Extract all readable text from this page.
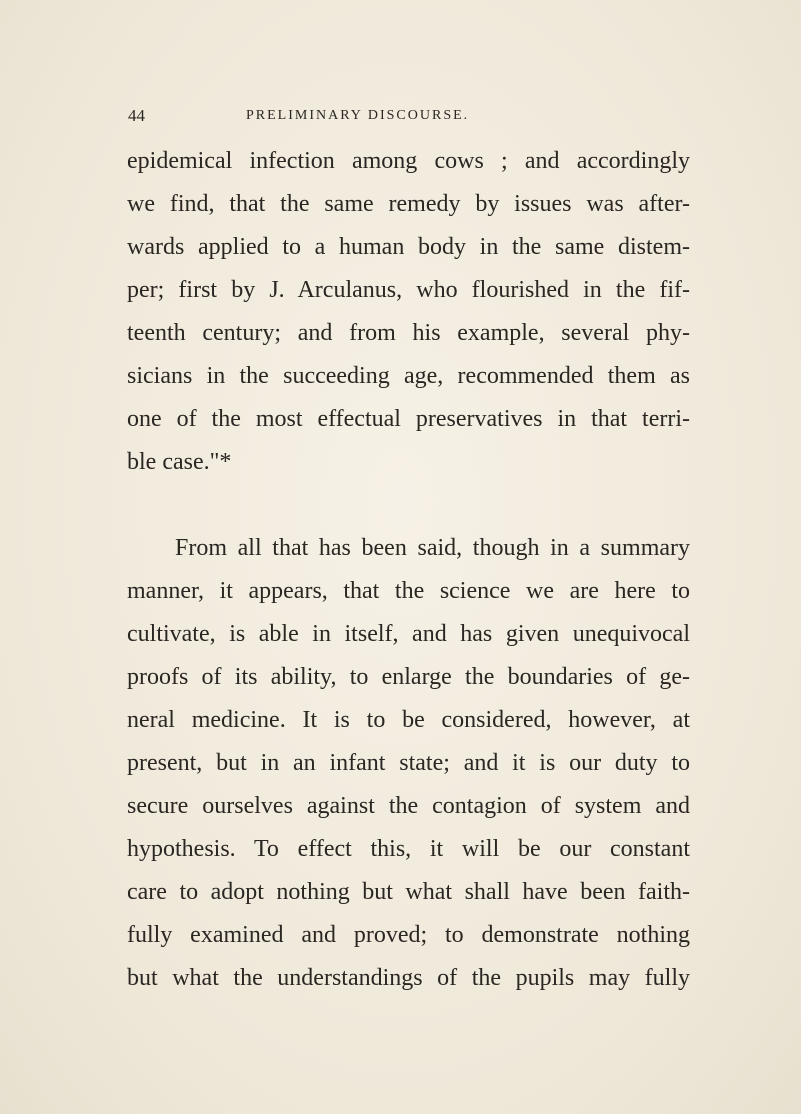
44	PRELIMINARY DISCOURSE.
epidemical infection among cows ; and accordingly
we find, that the same remedy by issues was after-
wards applied to a human body in the same distem-
per; first by J. Arculanus, who flourished in the fif-
teenth century; and from his example, several phy-
sicians in the succeeding age, recommended them as
one of the most effectual preservatives in that terri-
ble case."*
From all that has been said, though in a summary
manner, it appears, that the science we are here to
cultivate, is able in itself, and has given unequivocal
proofs of its ability, to enlarge the boundaries of ge-
neral medicine. It is to be considered, however, at
present, but in an infant state; and it is our duty to
secure ourselves against the contagion of system and
hypothesis. To effect this, it will be our constant
care to adopt nothing but what shall have been faith-
fully examined and proved; to demonstrate nothing
but what the understandings of the pupils may fully
